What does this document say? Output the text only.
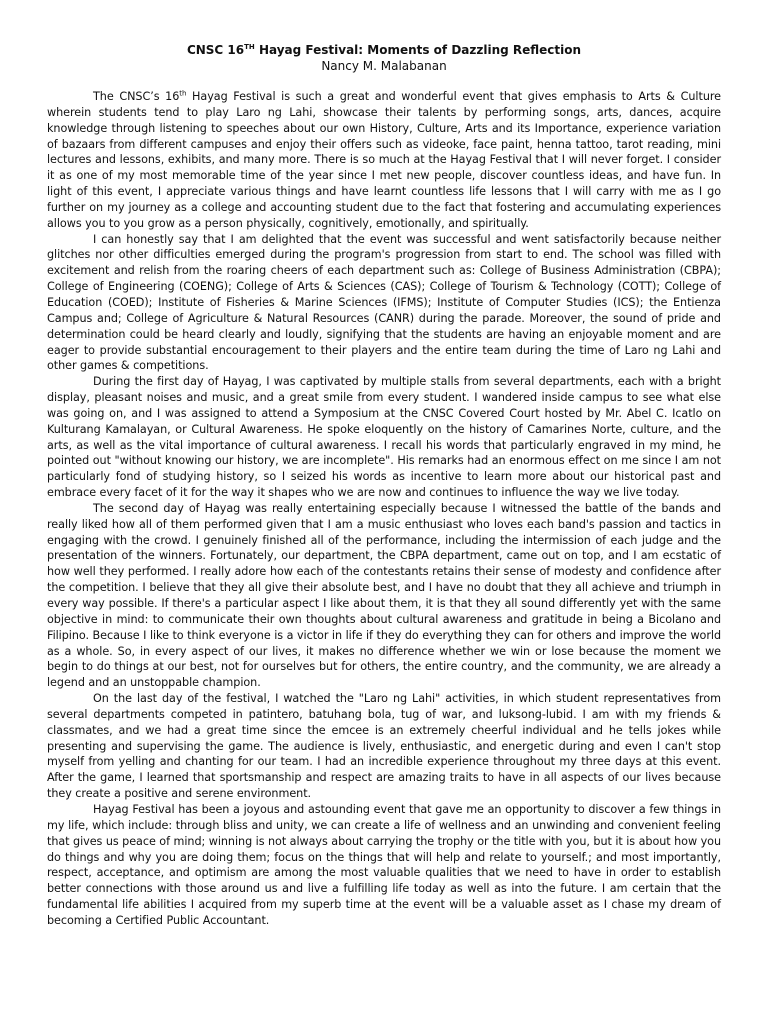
CNSC 16TH Hayag Festival: Moments of Dazzling Reflection

Nancy M. Malabanan

The CNSC’s 16th Hayag Festival is such a great and wonderful event that gives emphasis to Arts & Culture wherein students tend to play Laro ng Lahi, showcase their talents by performing songs, arts, dances, acquire knowledge through listening to speeches about our own History, Culture, Arts and its Importance, experience variation of bazaars from different campuses and enjoy their offers such as videoke, face paint, henna tattoo, tarot reading, mini lectures and lessons, exhibits, and many more. There is so much at the Hayag Festival that I will never forget. I consider it as one of my most memorable time of the year since I met new people, discover countless ideas, and have fun. In light of this event, I appreciate various things and have learnt countless life lessons that I will carry with me as I go further on my journey as a college and accounting student due to the fact that fostering and accumulating experiences allows you to you grow as a person physically, cognitively, emotionally, and spiritually.

I can honestly say that I am delighted that the event was successful and went satisfactorily because neither glitches nor other difficulties emerged during the program's progression from start to end. The school was filled with excitement and relish from the roaring cheers of each department such as: College of Business Administration (CBPA); College of Engineering (COENG); College of Arts & Sciences (CAS); College of Tourism & Technology (COTT); College of Education (COED); Institute of Fisheries & Marine Sciences (IFMS); Institute of Computer Studies (ICS); the Entienza Campus and; College of Agriculture & Natural Resources (CANR) during the parade. Moreover, the sound of pride and determination could be heard clearly and loudly, signifying that the students are having an enjoyable moment and are eager to provide substantial encouragement to their players and the entire team during the time of Laro ng Lahi and other games & competitions.

During the first day of Hayag, I was captivated by multiple stalls from several departments, each with a bright display, pleasant noises and music, and a great smile from every student. I wandered inside campus to see what else was going on, and I was assigned to attend a Symposium at the CNSC Covered Court hosted by Mr. Abel C. Icatlo on Kulturang Kamalayan, or Cultural Awareness. He spoke eloquently on the history of Camarines Norte, culture, and the arts, as well as the vital importance of cultural awareness. I recall his words that particularly engraved in my mind, he pointed out "without knowing our history, we are incomplete". His remarks had an enormous effect on me since I am not particularly fond of studying history, so I seized his words as incentive to learn more about our historical past and embrace every facet of it for the way it shapes who we are now and continues to influence the way we live today.

The second day of Hayag was really entertaining especially because I witnessed the battle of the bands and really liked how all of them performed given that I am a music enthusiast who loves each band's passion and tactics in engaging with the crowd. I genuinely finished all of the performance, including the intermission of each judge and the presentation of the winners. Fortunately, our department, the CBPA department, came out on top, and I am ecstatic of how well they performed. I really adore how each of the contestants retains their sense of modesty and confidence after the competition. I believe that they all give their absolute best, and I have no doubt that they all achieve and triumph in every way possible. If there's a particular aspect I like about them, it is that they all sound differently yet with the same objective in mind: to communicate their own thoughts about cultural awareness and gratitude in being a Bicolano and Filipino. Because I like to think everyone is a victor in life if they do everything they can for others and improve the world as a whole. So, in every aspect of our lives, it makes no difference whether we win or lose because the moment we begin to do things at our best, not for ourselves but for others, the entire country, and the community, we are already a legend and an unstoppable champion.

On the last day of the festival, I watched the "Laro ng Lahi" activities, in which student representatives from several departments competed in patintero, batuhang bola, tug of war, and luksong-lubid. I am with my friends & classmates, and we had a great time since the emcee is an extremely cheerful individual and he tells jokes while presenting and supervising the game. The audience is lively, enthusiastic, and energetic during and even I can't stop myself from yelling and chanting for our team. I had an incredible experience throughout my three days at this event. After the game, I learned that sportsmanship and respect are amazing traits to have in all aspects of our lives because they create a positive and serene environment.

Hayag Festival has been a joyous and astounding event that gave me an opportunity to discover a few things in my life, which include: through bliss and unity, we can create a life of wellness and an unwinding and convenient feeling that gives us peace of mind; winning is not always about carrying the trophy or the title with you, but it is about how you do things and why you are doing them; focus on the things that will help and relate to yourself.; and most importantly, respect, acceptance, and optimism are among the most valuable qualities that we need to have in order to establish better connections with those around us and live a fulfilling life today as well as into the future. I am certain that the fundamental life abilities I acquired from my superb time at the event will be a valuable asset as I chase my dream of becoming a Certified Public Accountant.
